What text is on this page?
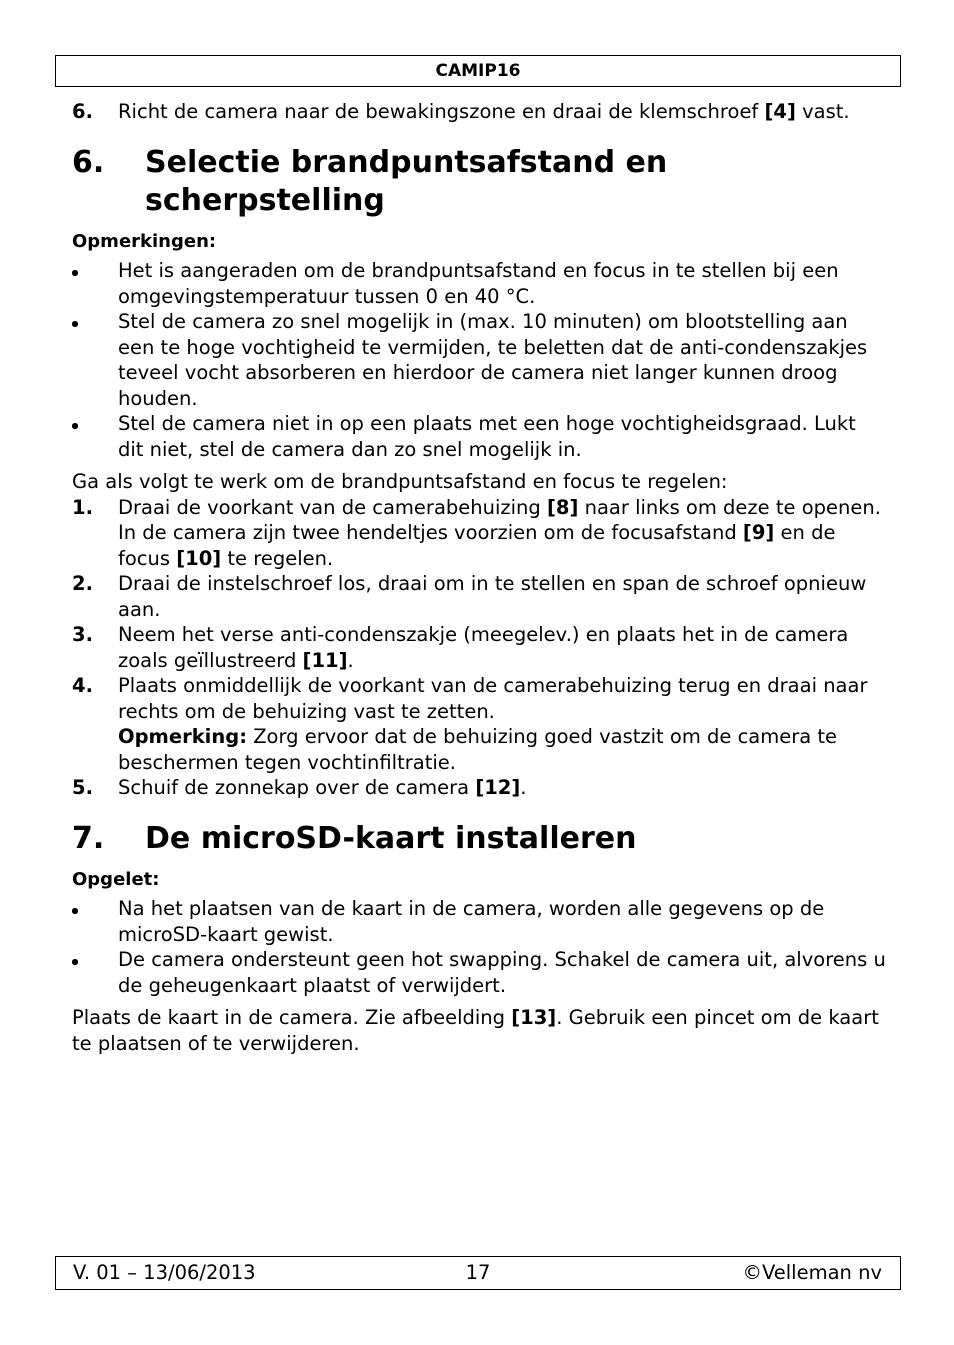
CAMIP16
6.	Richt de camera naar de bewakingszone en draai de klemschroef [4] vast.
6.	Selectie brandpuntsafstand en scherpstelling
Opmerkingen:
Het is aangeraden om de brandpuntsafstand en focus in te stellen bij een omgevingstemperatuur tussen 0 en 40 °C.
Stel de camera zo snel mogelijk in (max. 10 minuten) om blootstelling aan een te hoge vochtigheid te vermijden, te beletten dat de anti-condenszakjes teveel vocht absorberen en hierdoor de camera niet langer kunnen droog houden.
Stel de camera niet in op een plaats met een hoge vochtigheidsgraad. Lukt dit niet, stel de camera dan zo snel mogelijk in.
Ga als volgt te werk om de brandpuntsafstand en focus te regelen:
1.	Draai de voorkant van de camerabehuizing [8] naar links om deze te openen.
In de camera zijn twee hendeltjes voorzien om de focusafstand [9] en de focus [10] te regelen.
2.	Draai de instelschroef los, draai om in te stellen en span de schroef opnieuw aan.
3.	Neem het verse anti-condenszakje (meegelev.) en plaats het in de camera zoals geïllustreerd [11].
4.	Plaats onmiddellijk de voorkant van de camerabehuizing terug en draai naar rechts om de behuizing vast te zetten.
Opmerking: Zorg ervoor dat de behuizing goed vastzit om de camera te beschermen tegen vochtinfiltratie.
5.	Schuif de zonnekap over de camera [12].
7.	De microSD-kaart installeren
Opgelet:
Na het plaatsen van de kaart in de camera, worden alle gegevens op de microSD-kaart gewist.
De camera ondersteunt geen hot swapping. Schakel de camera uit, alvorens u de geheugenkaart plaatst of verwijdert.
Plaats de kaart in de camera. Zie afbeelding [13]. Gebruik een pincet om de kaart te plaatsen of te verwijderen.
V. 01 – 13/06/2013	17	©Velleman nv
